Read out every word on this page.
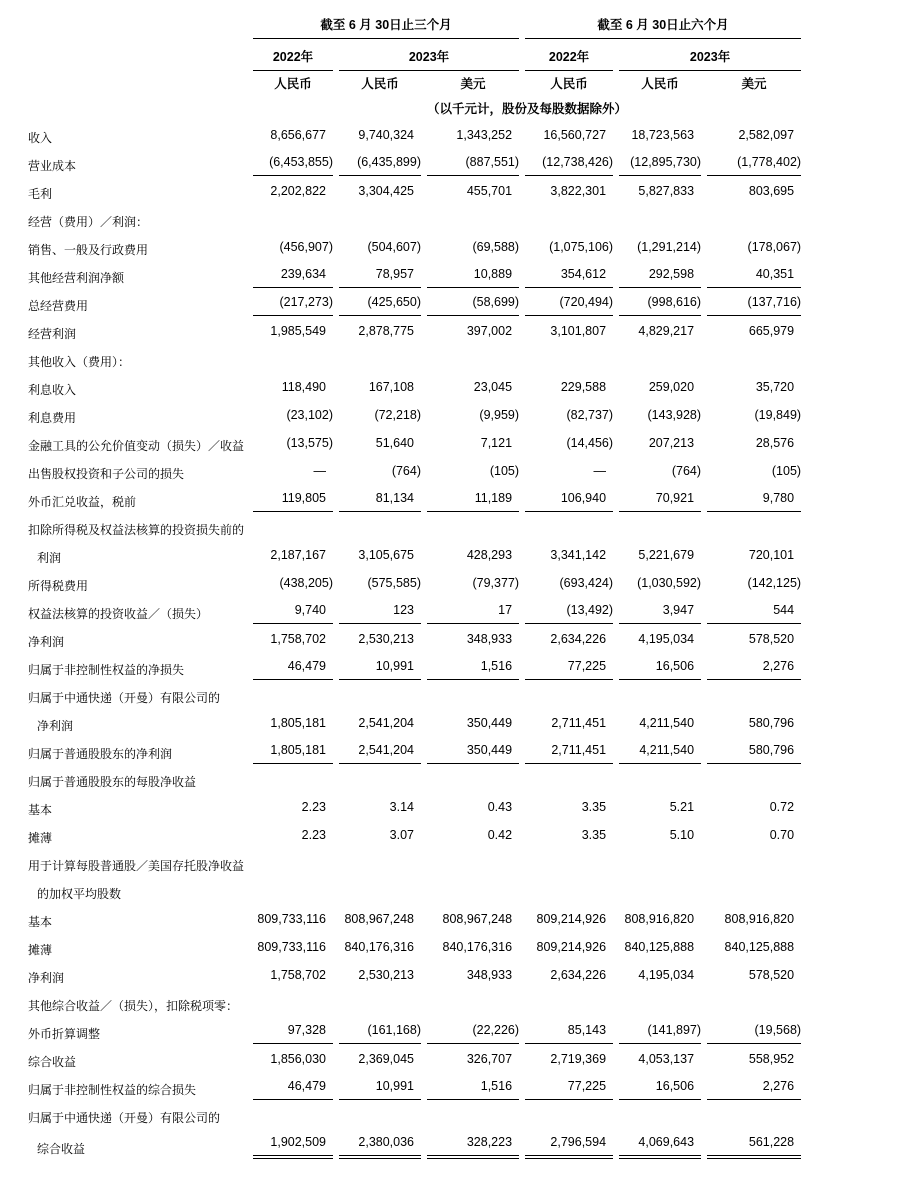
	截至 6 月 30日止三个月			截至 6 月 30日止六个月		

	2022年	2023年		2022年	2023年	

	人民币	人民币	美元	人民币	人民币	美元

	（以千元计，股份及每股数据除外）					

收入	8,656,677	9,740,324	1,343,252	16,560,727	18,723,563	2,582,097

营业成本	(6,453,855)	(6,435,899)	(887,551)	(12,738,426)	(12,895,730)	(1,778,402)

毛利	2,202,822	3,304,425	455,701	3,822,301	5,827,833	803,695

经营（费用）／利润：	

销售、一般及行政费用	(456,907)	(504,607)	(69,588)	(1,075,106)	(1,291,214)	(178,067)

其他经营利润净额	239,634	78,957	10,889	354,612	292,598	40,351

总经营费用	(217,273)	(425,650)	(58,699)	(720,494)	(998,616)	(137,716)

经营利润	1,985,549	2,878,775	397,002	3,101,807	4,829,217	665,979

其他收入（费用）：	

利息收入	118,490	167,108	23,045	229,588	259,020	35,720

利息费用	(23,102)	(72,218)	(9,959)	(82,737)	(143,928)	(19,849)

金融工具的公允价值变动（损失）／收益	(13,575)	51,640	7,121	(14,456)	207,213	28,576

出售股权投资和子公司的损失	—	(764)	(105)	—	(764)	(105)

外币汇兑收益，税前	119,805	81,134	11,189	106,940	70,921	9,780

扣除所得税及权益法核算的投资损失前的	

利润	2,187,167	3,105,675	428,293	3,341,142	5,221,679	720,101

所得税费用	(438,205)	(575,585)	(79,377)	(693,424)	(1,030,592)	(142,125)

权益法核算的投资收益／（损失）	9,740	123	17	(13,492)	3,947	544

净利润	1,758,702	2,530,213	348,933	2,634,226	4,195,034	578,520

归属于非控制性权益的净损失	46,479	10,991	1,516	77,225	16,506	2,276

归属于中通快递（开曼）有限公司的	

净利润	1,805,181	2,541,204	350,449	2,711,451	4,211,540	580,796

归属于普通股股东的净利润	1,805,181	2,541,204	350,449	2,711,451	4,211,540	580,796

归属于普通股股东的每股净收益	

基本	2.23	3.14	0.43	3.35	5.21	0.72

摊薄	2.23	3.07	0.42	3.35	5.10	0.70

用于计算每股普通股／美国存托股净收益	

的加权平均股数	

基本	809,733,116	808,967,248	808,967,248	809,214,926	808,916,820	808,916,820

摊薄	809,733,116	840,176,316	840,176,316	809,214,926	840,125,888	840,125,888

净利润	1,758,702	2,530,213	348,933	2,634,226	4,195,034	578,520

其他综合收益／（损失），扣除税项零：	

外币折算调整	97,328	(161,168)	(22,226)	85,143	(141,897)	(19,568)

综合收益	1,856,030	2,369,045	326,707	2,719,369	4,053,137	558,952

归属于非控制性权益的综合损失	46,479	10,991	1,516	77,225	16,506	2,276

归属于中通快递（开曼）有限公司的	

综合收益	1,902,509	2,380,036	328,223	2,796,594	4,069,643	561,228
